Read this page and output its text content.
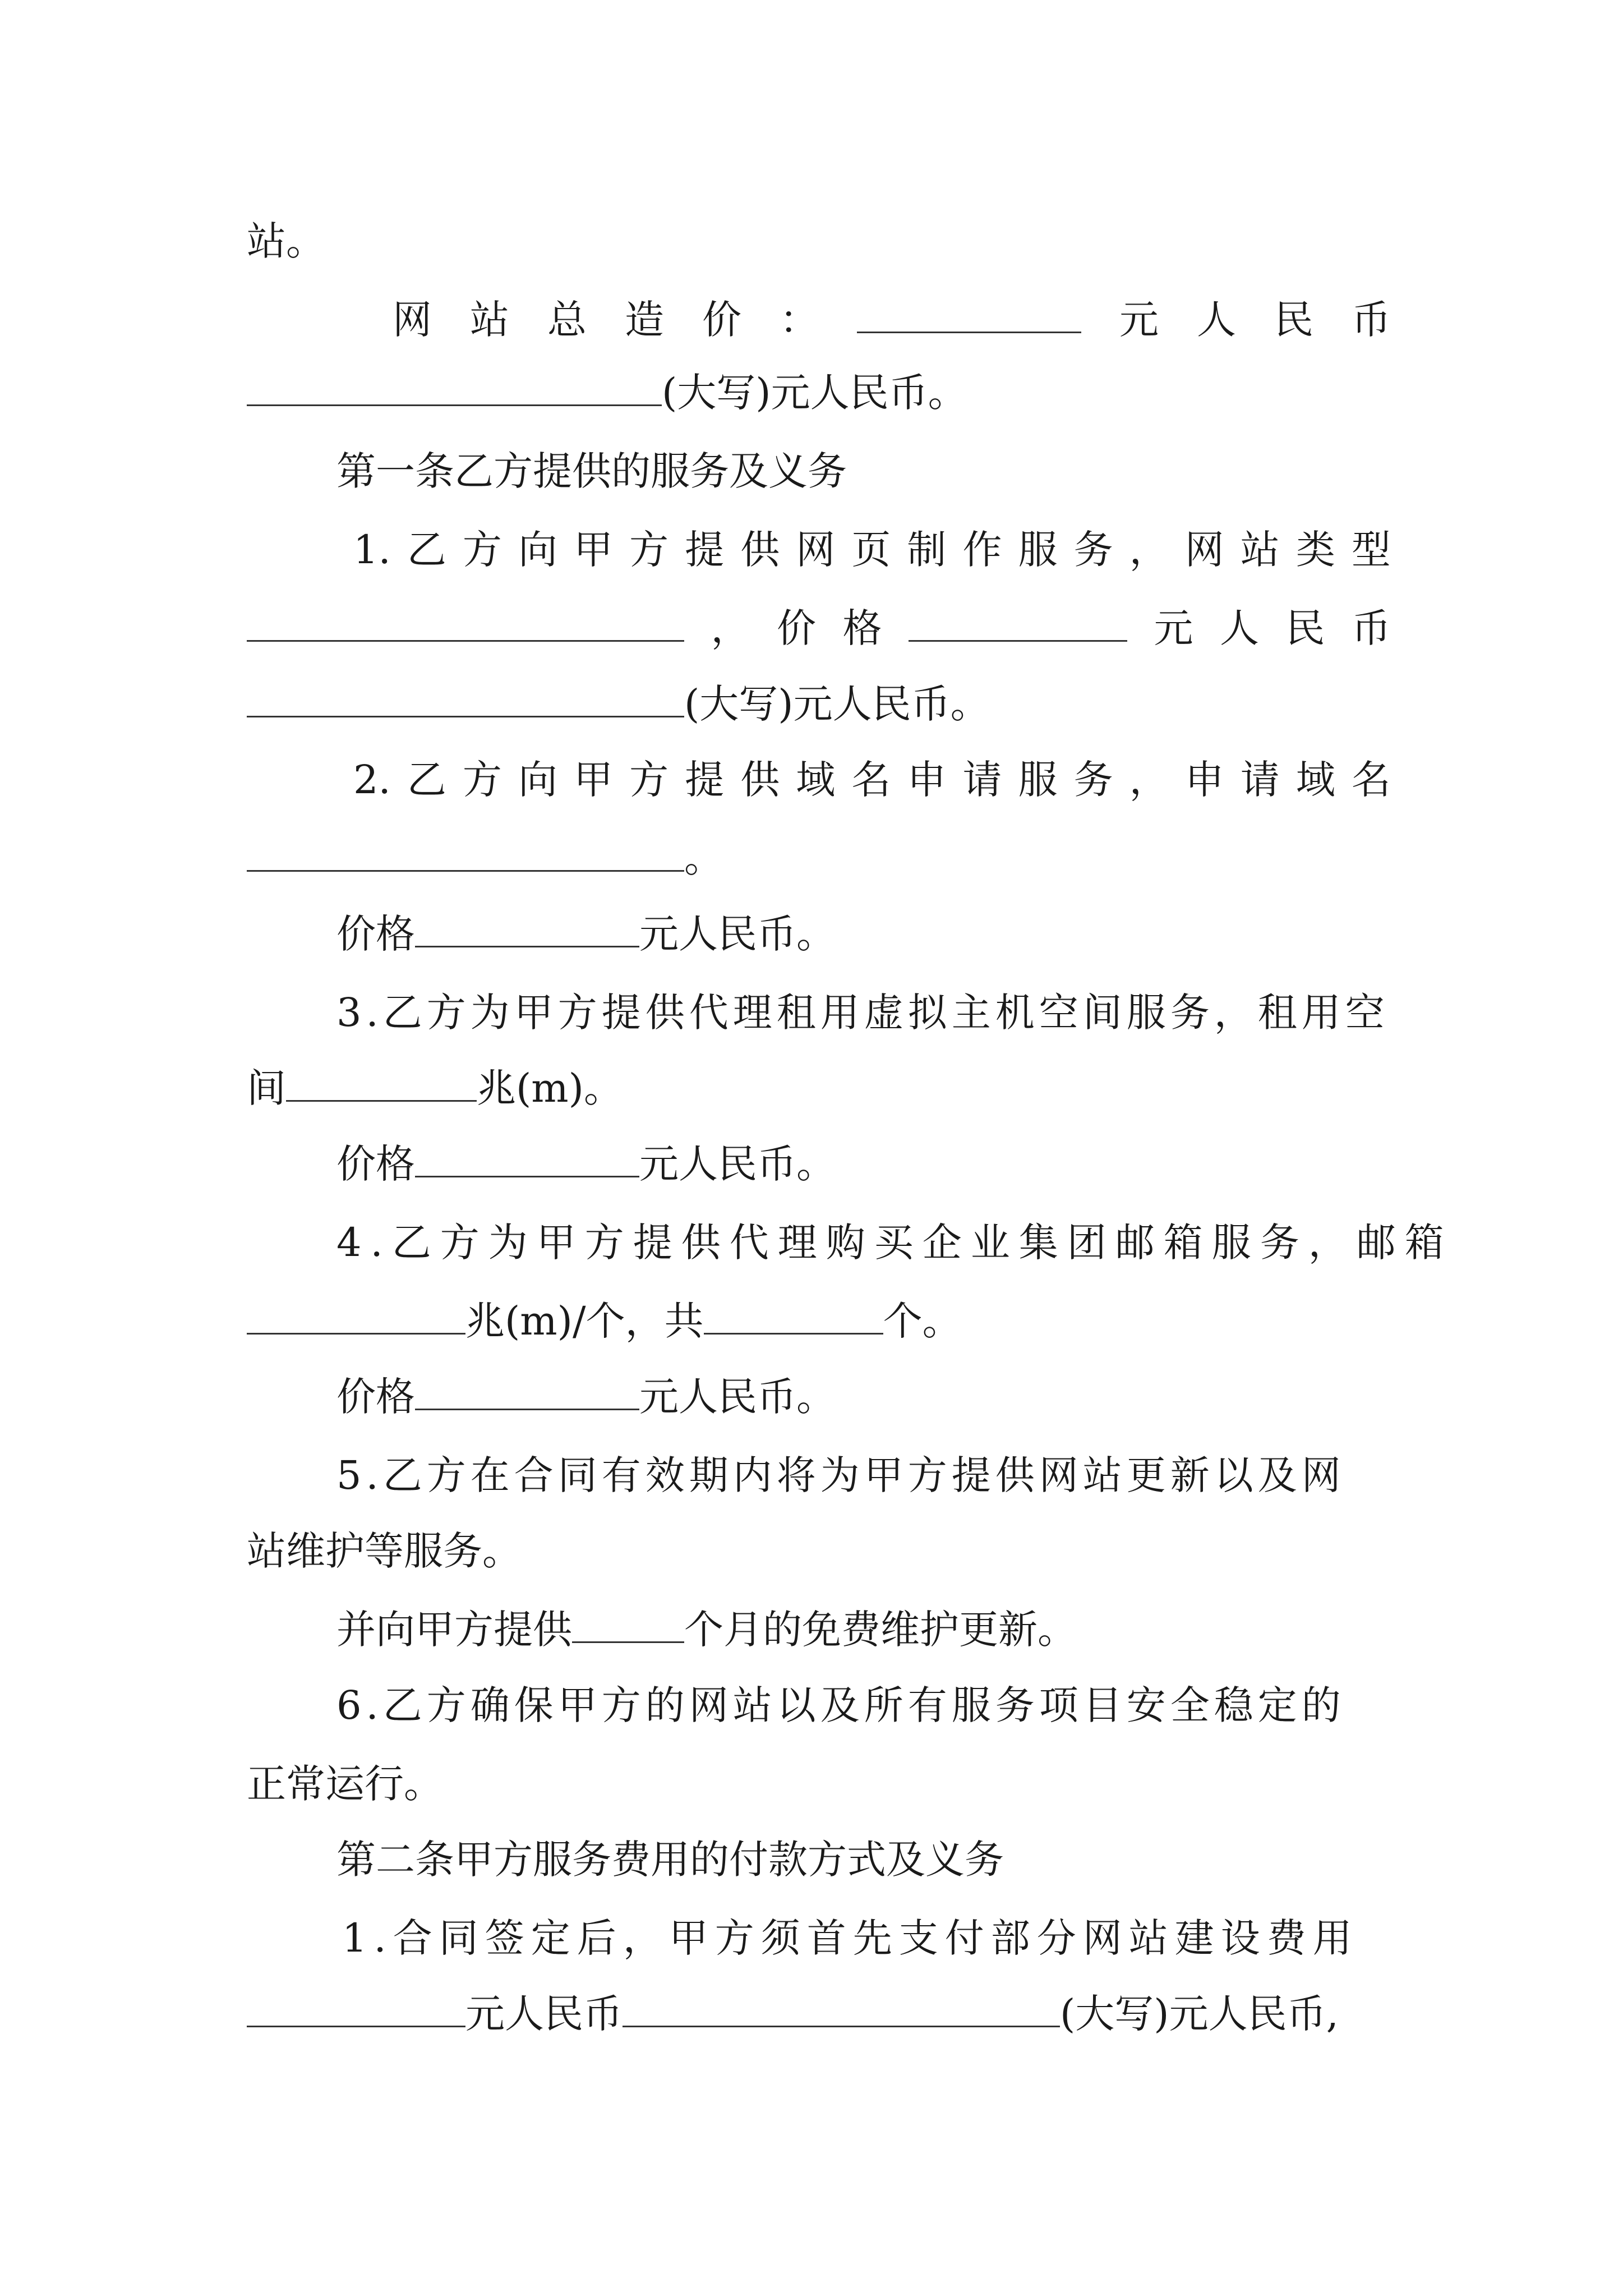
站。
网 站 总 造 价 ：	元 人 民 币
(大写)元人民币。
第一条乙方提供的服务及义务
1. 乙 方 向 甲 方 提 供 网 页 制 作 服 务 ， 网 站 类 型
， 价 格	元 人 民 币
(大写)元人民币。
2. 乙 方 向 甲 方 提 供 域 名 申 请 服 务 ， 申 请 域 名
。
价格	元人民币。
3.乙方为甲方提供代理租用虚拟主机空间服务，租用空
间	兆(m)。
价格	元人民币。
4.乙方为甲方提供代理购买企业集团邮箱服务，邮箱
兆(m)/个，共	个。
价格	元人民币。
5.乙方在合同有效期内将为甲方提供网站更新以及网
站维护等服务。
并向甲方提供	个月的免费维护更新。
6.乙方确保甲方的网站以及所有服务项目安全稳定的
正常运行。
第二条甲方服务费用的付款方式及义务
1.合同签定后，甲方须首先支付部分网站建设费用
元人民币	(大写)元人民币,
